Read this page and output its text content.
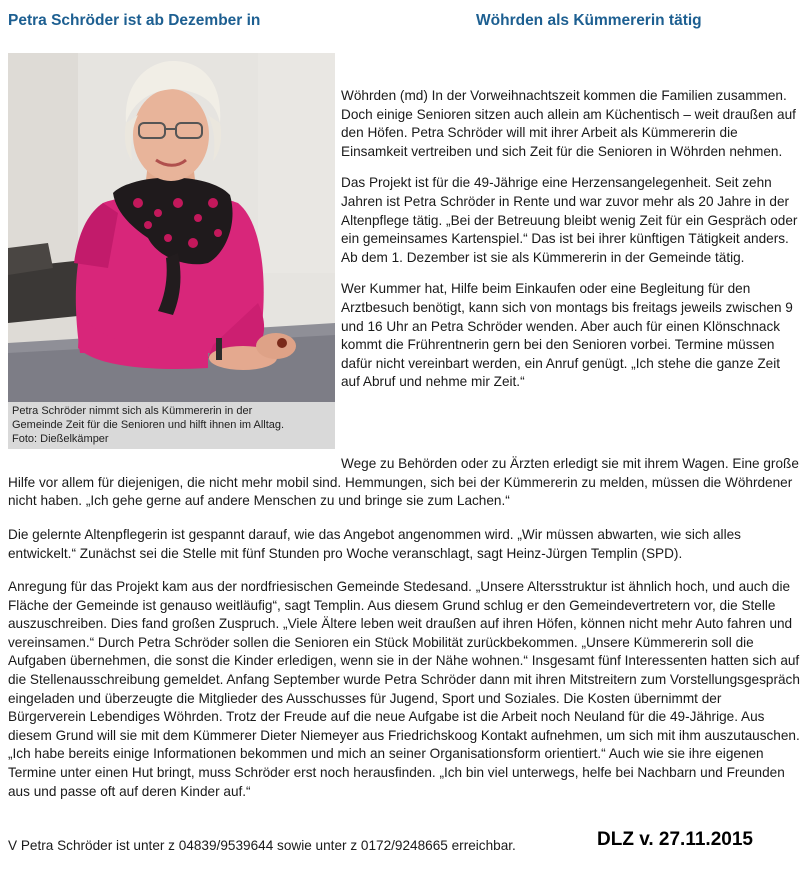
Petra Schröder ist ab Dezember in	Wöhrden als Kümmererin tätig
Petra Schröder nimmt sich als Kümmererin in der
Gemeinde Zeit für die Senioren und hilft ihnen im Alltag.
Foto: Dießelkämper

Wöhrden (md) In der Vorweihnachtszeit kommen die Familien zusammen. Doch einige Senioren sitzen auch allein am Küchentisch – weit draußen auf den Höfen. Petra Schröder will mit ihrer Arbeit als Kümmererin die Einsamkeit vertreiben und sich Zeit für die Senioren in Wöhrden nehmen.

Das Projekt ist für die 49-Jährige eine Herzensangelegenheit. Seit zehn Jahren ist Petra Schröder in Rente und war zuvor mehr als 20 Jahre in der Altenpflege tätig. „Bei der Betreuung bleibt wenig Zeit für ein Gespräch oder ein gemeinsames Kartenspiel.“ Das ist bei ihrer künftigen Tätigkeit anders. Ab dem 1. Dezember ist sie als Kümmererin in der Gemeinde tätig.

Wer Kummer hat, Hilfe beim Einkaufen oder eine Begleitung für den Arztbesuch benötigt, kann sich von montags bis freitags jeweils zwischen 9 und 16 Uhr an Petra Schröder wenden. Aber auch für einen Klönschnack kommt die Frührentnerin gern bei den Senioren vorbei. Termine müssen dafür nicht vereinbart werden, ein Anruf genügt. „Ich stehe die ganze Zeit auf Abruf und nehme mir Zeit.“

Wege zu Behörden oder zu Ärzten erledigt sie mit ihrem Wagen. Eine große Hilfe vor allem für diejenigen, die nicht mehr mobil sind. Hemmungen, sich bei der Kümmererin zu melden, müssen die Wöhrdener nicht haben. „Ich gehe gerne auf andere Menschen zu und bringe sie zum Lachen.“

Die gelernte Altenpflegerin ist gespannt darauf, wie das Angebot angenommen wird. „Wir müssen abwarten, wie sich alles entwickelt.“ Zunächst sei die Stelle mit fünf Stunden pro Woche veranschlagt, sagt Heinz-Jürgen Templin (SPD).

Anregung für das Projekt kam aus der nordfriesischen Gemeinde Stedesand. „Unsere Altersstruktur ist ähnlich hoch, und auch die Fläche der Gemeinde ist genauso weitläufig“, sagt Templin. Aus diesem Grund schlug er den Gemeindevertretern vor, die Stelle auszuschreiben. Dies fand großen Zuspruch. „Viele Ältere leben weit draußen auf ihren Höfen, können nicht mehr Auto fahren und vereinsamen.“ Durch Petra Schröder sollen die Senioren ein Stück Mobilität zurückbekommen. „Unsere Kümmererin soll die Aufgaben übernehmen, die sonst die Kinder erledigen, wenn sie in der Nähe wohnen.“ Insgesamt fünf Interessenten hatten sich auf die Stellenausschreibung gemeldet. Anfang September wurde Petra Schröder dann mit ihren Mitstreitern zum Vorstellungsgespräch eingeladen und überzeugte die Mitglieder des Ausschusses für Jugend, Sport und Soziales. Die Kosten übernimmt der Bürgerverein Lebendiges Wöhrden. Trotz der Freude auf die neue Aufgabe ist die Arbeit noch Neuland für die 49-Jährige. Aus diesem Grund will sie mit dem Kümmerer Dieter Niemeyer aus Friedrichskoog Kontakt aufnehmen, um sich mit ihm auszutauschen. „Ich habe bereits einige Informationen bekommen und mich an seiner Organisationsform orientiert.“ Auch wie sie ihre eigenen Termine unter einen Hut bringt, muss Schröder erst noch herausfinden. „Ich bin viel unterwegs, helfe bei Nachbarn und Freunden aus und passe oft auf deren Kinder auf.“

V Petra Schröder ist unter z 04839/9539644 sowie unter z 0172/9248665 erreichbar.	DLZ v. 27.11.2015
